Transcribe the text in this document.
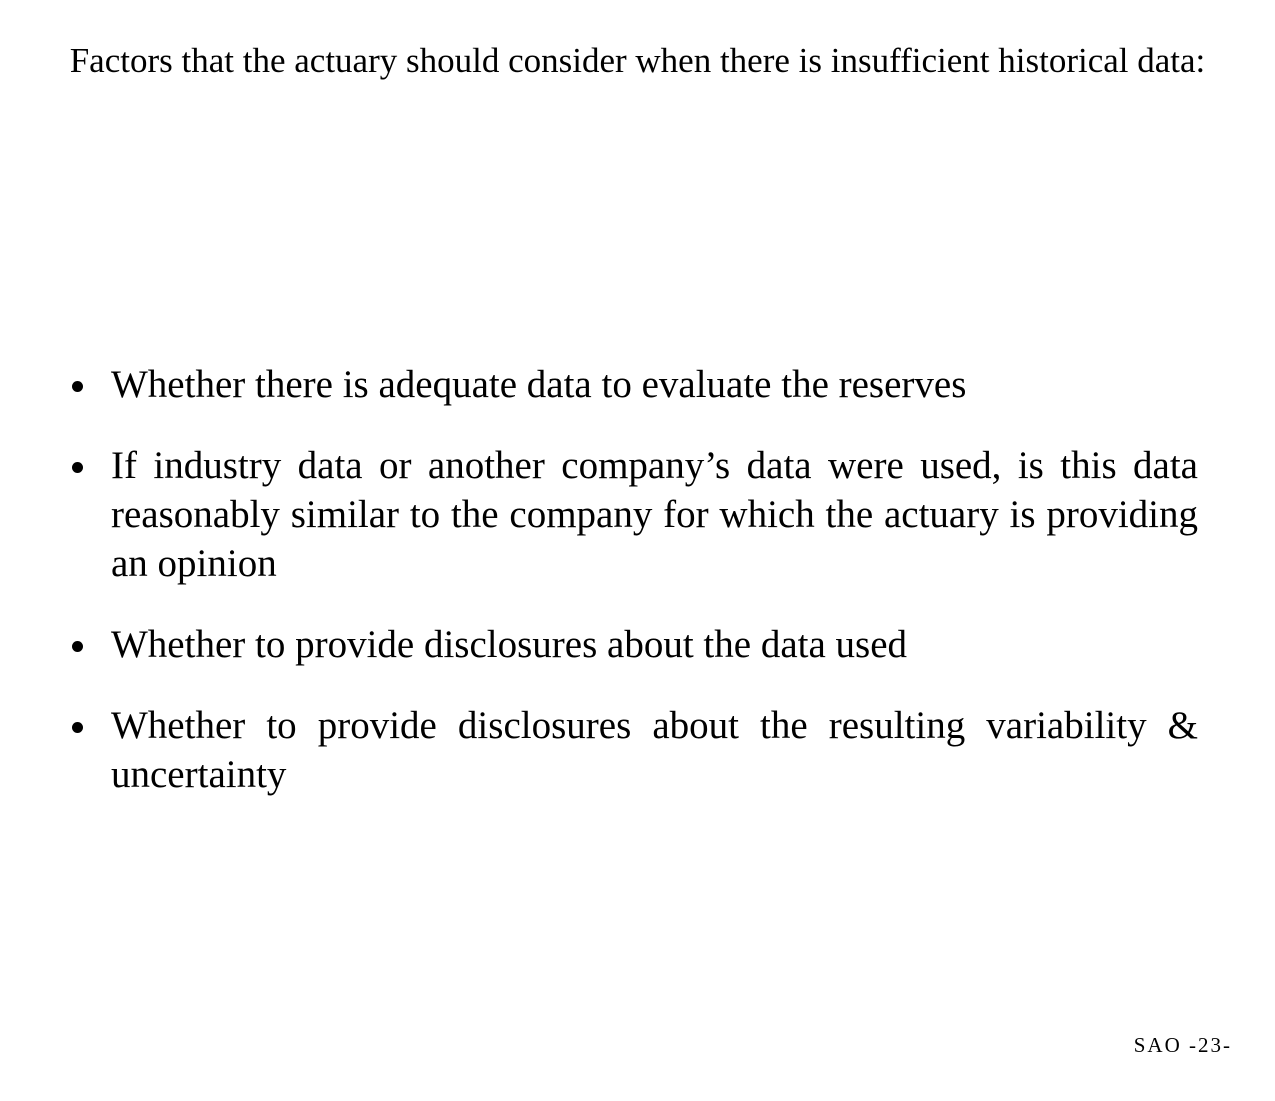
Factors that the actuary should consider when there is insufficient historical data:
Whether there is adequate data to evaluate the reserves
If industry data or another company’s data were used, is this data reasonably similar to the company for which the actuary is providing an opinion
Whether to provide disclosures about the data used
Whether to provide disclosures about the resulting variability & uncertainty
SAO -23-
